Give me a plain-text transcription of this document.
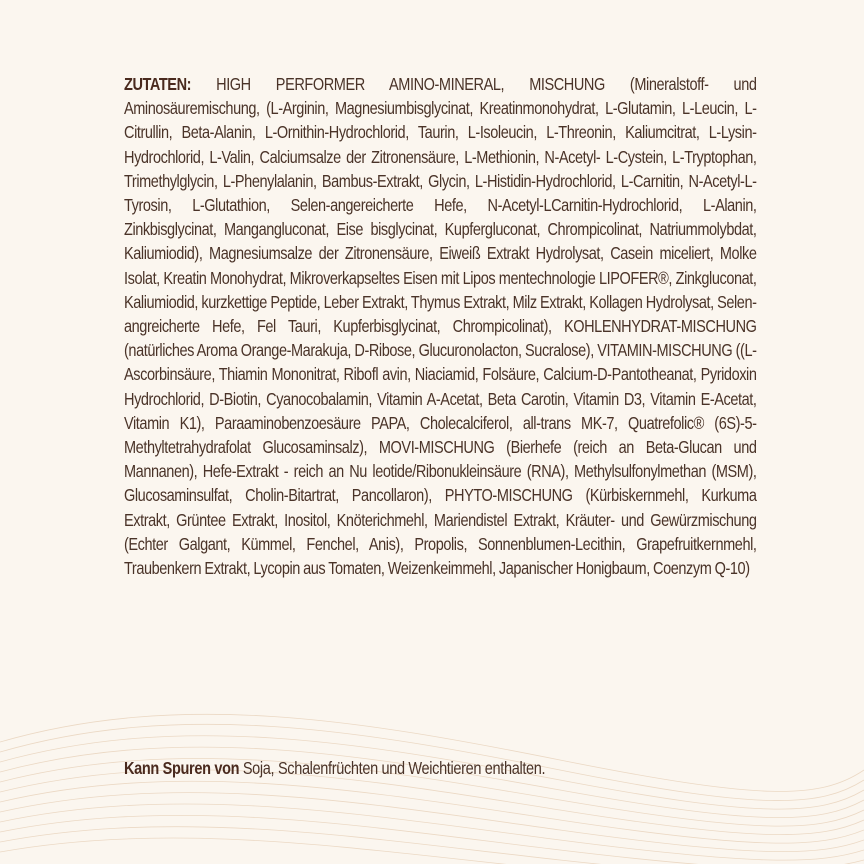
ZUTATEN: HIGH PERFORMER AMINO-MINERAL, MISCHUNG (Mineralstoff- und Aminosäuremischung, (L-Arginin, Magnesiumbisglycinat, Kreatinmonohydrat, L-Glutamin, L-Leucin, L-Citrullin, Beta-Alanin, L-Ornithin-Hydrochlorid, Taurin, L-Isoleucin, L-Threonin, Kaliumcitrat, L-Lysin- Hydrochlorid, L-Valin, Calciumsalze der Zitronensäure, L-Methionin, N-Acetyl- L-Cystein, L-Tryptophan, Trimethylglycin, L-Phenylalanin, Bambus-Extrakt, Glycin, L-Histidin-Hydrochlorid, L-Carnitin, N-Acetyl-L-Tyrosin, L-Glutathion, Selen-angereicherte Hefe, N-Acetyl-LCarnitin-Hydrochlorid, L-Alanin, Zinkbisglycinat, Mangangluconat, Eise bisglycinat, Kupfergluconat, Chrompicolinat, Natriummolybdat, Kaliumiodid), Magnesiumsalze der Zitronensäure, Eiweiß Extrakt Hydrolysat, Casein miceliert, Molke Isolat, Kreatin Monohydrat, Mikroverkapseltes Eisen mit Lipos mentechnologie LIPOFER®, Zinkgluconat, Kaliumiodid, kurzkettige Peptide, Leber Extrakt, Thymus Extrakt, Milz Extrakt, Kollagen Hydrolysat, Selen-angreicherte Hefe, Fel Tauri, Kupferbisglycinat, Chrompicolinat), KOHLENHYDRAT-MISCHUNG (natürliches Aroma Orange-Marakuja, D-Ribose, Glucuronolacton, Sucralose), VITAMIN-MISCHUNG ((L-Ascorbinsäure, Thiamin Mononitrat, Ribofl avin, Niaciamid, Folsäure, Calcium-D-Pantotheanat, Pyridoxin Hydrochlorid, D-Biotin, Cyanocobalamin, Vitamin A-Acetat, Beta Carotin, Vitamin D3, Vitamin E-Acetat, Vitamin K1), Paraaminobenzoesäure PAPA, Cholecalciferol, all-trans MK-7, Quatrefolic® (6S)-5-Methyltetrahydrafolat Glucosaminsalz), MOVI-MISCHUNG (Bierhefe (reich an Beta-Glucan und Mannanen), Hefe-Extrakt - reich an Nu leotide/Ribonukleinsäure (RNA), Methylsulfonylmethan (MSM), Glucosaminsulfat, Cholin-Bitartrat, Pancollaron), PHYTO-MISCHUNG (Kürbiskernmehl, Kurkuma Extrakt, Grüntee Extrakt, Inositol, Knöterichmehl, Mariendistel Extrakt, Kräuter- und Gewürzmischung (Echter Galgant, Kümmel, Fenchel, Anis), Propolis, Sonnenblumen-Lecithin, Grapefruitkernmehl, Traubenkern Extrakt, Lycopin aus Tomaten, Weizenkeimmehl, Japanischer Honigbaum, Coenzym Q-10)

Kann Spuren von Soja, Schalenfrüchten und Weichtieren enthalten.
